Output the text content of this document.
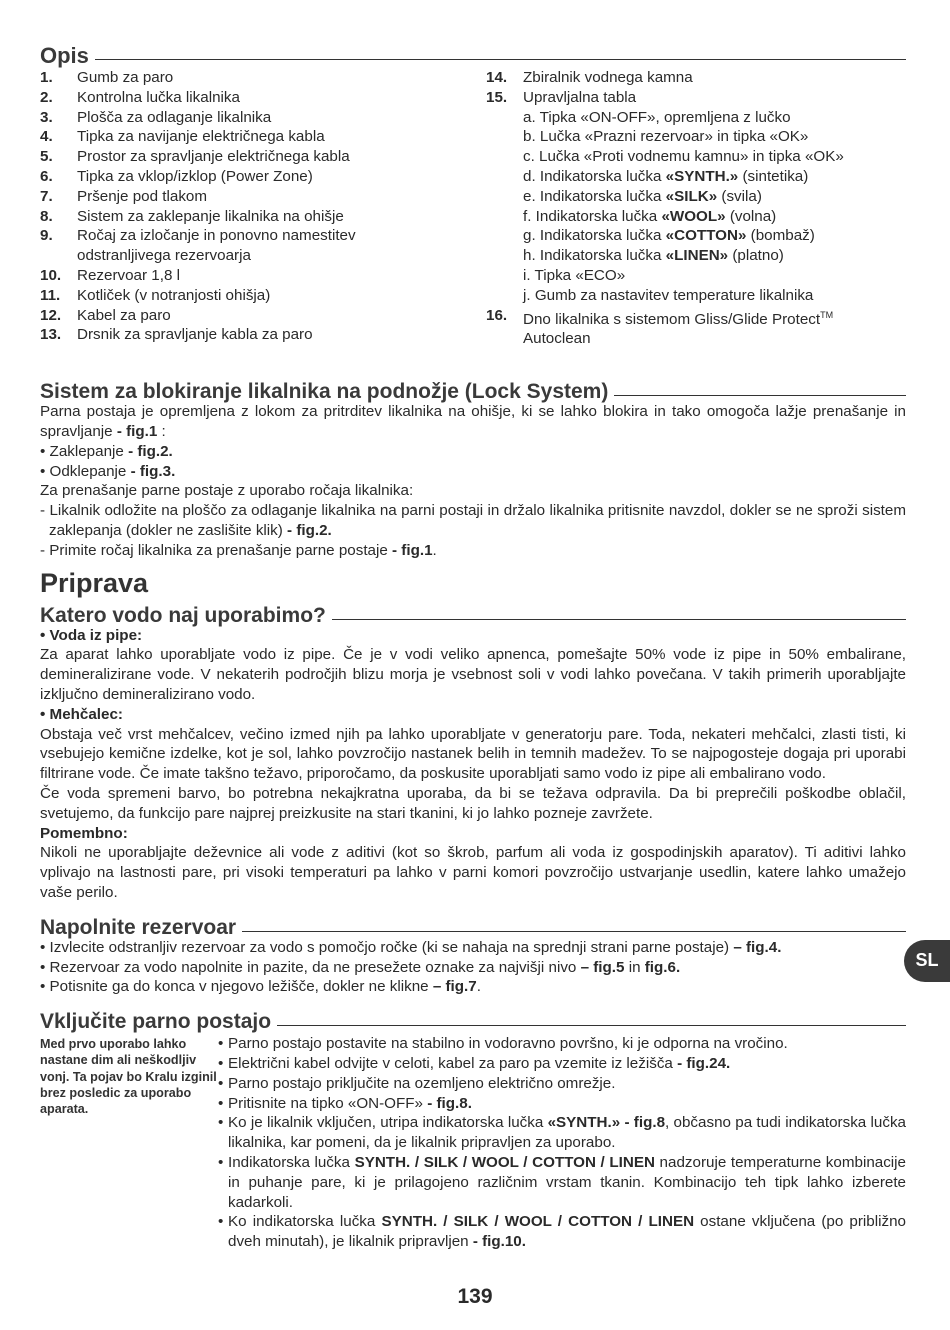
Opis
1.	Gumb za paro
2.	Kontrolna lučka likalnika
3.	Plošča za odlaganje likalnika
4.	Tipka za navijanje električnega kabla
5.	Prostor za spravljanje električnega kabla
6.	Tipka za vklop/izklop (Power Zone)
7.	Pršenje pod tlakom
8.	Sistem za zaklepanje likalnika na ohišje
9.	Ročaj za izločanje in ponovno namestitev odstranljivega rezervoarja
10.	Rezervoar 1,8 l
11.	Kotliček (v notranjosti ohišja)
12.	Kabel za paro
13.	Drsnik za spravljanje kabla za paro
14.	Zbiralnik vodnega kamna
15.	Upravljalna tabla
a. Tipka «ON-OFF», opremljena z lučko
b. Lučka «Prazni rezervoar» in tipka «OK»
c. Lučka «Proti vodnemu kamnu» in tipka «OK»
d. Indikatorska lučka «SYNTH.» (sintetika)
e. Indikatorska lučka «SILK» (svila)
f. Indikatorska lučka «WOOL» (volna)
g. Indikatorska lučka «COTTON» (bombaž)
h. Indikatorska lučka «LINEN» (platno)
i. Tipka «ECO»
j. Gumb za nastavitev temperature likalnika
16.	Dno likalnika s sistemom Gliss/Glide Protect™
Autoclean
Sistem za blokiranje likalnika na podnožje (Lock System)

Parna postaja je opremljena z lokom za pritrditev likalnika na ohišje, ki se lahko blokira in tako omogoča lažje prenašanje in spravljanje - fig.1 :

• Zaklepanje - fig.2.

• Odklepanje - fig.3.

Za prenašanje parne postaje z uporabo ročaja likalnika:

- Likalnik odložite na ploščo za odlaganje likalnika na parni postaji in držalo likalnika pritisnite navzdol, dokler se ne sproži sistem zaklepanja (dokler ne zaslišite klik) - fig.2.

- Primite ročaj likalnika za prenašanje parne postaje - fig.1.

Priprava
Katero vodo naj uporabimo?

• Voda iz pipe:

Za aparat lahko uporabljate vodo iz pipe. Če je v vodi veliko apnenca, pomešajte 50% vode iz pipe in 50% embalirane, demineralizirane vode. V nekaterih področjih blizu morja je vsebnost soli v vodi lahko povečana. V takih primerih uporabljajte izključno demineralizirano vodo.

• Mehčalec:

Obstaja več vrst mehčalcev, večino izmed njih pa lahko uporabljate v generatorju pare. Toda, nekateri mehčalci, zlasti tisti, ki vsebujejo kemične izdelke, kot je sol, lahko povzročijo nastanek belih in temnih madežev. To se najpogosteje dogaja pri uporabi filtrirane vode. Če imate takšno težavo, priporočamo, da poskusite uporabljati samo vodo iz pipe ali embalirano vodo.

Če voda spremeni barvo, bo potrebna nekajkratna uporaba, da bi se težava odpravila. Da bi preprečili poškodbe oblačil, svetujemo, da funkcijo pare najprej preizkusite na stari tkanini, ki jo lahko pozneje zavržete.

Pomembno:

Nikoli ne uporabljajte deževnice ali vode z aditivi (kot so škrob, parfum ali voda iz gospodinjskih aparatov). Ti aditivi lahko vplivajo na lastnosti pare, pri visoki temperaturi pa lahko v parni komori povzročijo ustvarjanje usedlin, katere lahko umažejo vaše perilo.

Napolnite rezervoar

• Izvlecite odstranljiv rezervoar za vodo s pomočjo ročke (ki se nahaja na sprednji strani parne postaje) – fig.4.

• Rezervoar za vodo napolnite in pazite, da ne presežete oznake za najvišji nivo – fig.5 in fig.6.

• Potisnite ga do konca v njegovo ležišče, dokler ne klikne – fig.7.

Vključite parno postajo
Med prvo uporabo lahko nastane dim ali neškodljiv vonj. Ta pojav bo Kralu izginil brez posledic za uporabo aparata.
• Parno postajo postavite na stabilno in vodoravno površno, ki je odporna na vročino.
• Električni kabel odvijte v celoti, kabel za paro pa vzemite iz ležišča - fig.24.
• Parno postajo priključite na ozemljeno električno omrežje.
• Pritisnite na tipko «ON-OFF» - fig.8.
• Ko je likalnik vključen, utripa indikatorska lučka «SYNTH.» - fig.8, občasno pa tudi indikatorska lučka likalnika, kar pomeni, da je likalnik pripravljen za uporabo.
• Indikatorska lučka SYNTH. / SILK / WOOL / COTTON / LINEN nadzoruje temperaturne kombinacije in puhanje pare, ki je prilagojeno različnim vrstam tkanin. Kombinacijo teh tipk lahko izberete kadarkoli.
• Ko indikatorska lučka SYNTH. / SILK / WOOL / COTTON / LINEN ostane vključena (po približno dveh minutah), je likalnik pripravljen - fig.10.
SL
139
